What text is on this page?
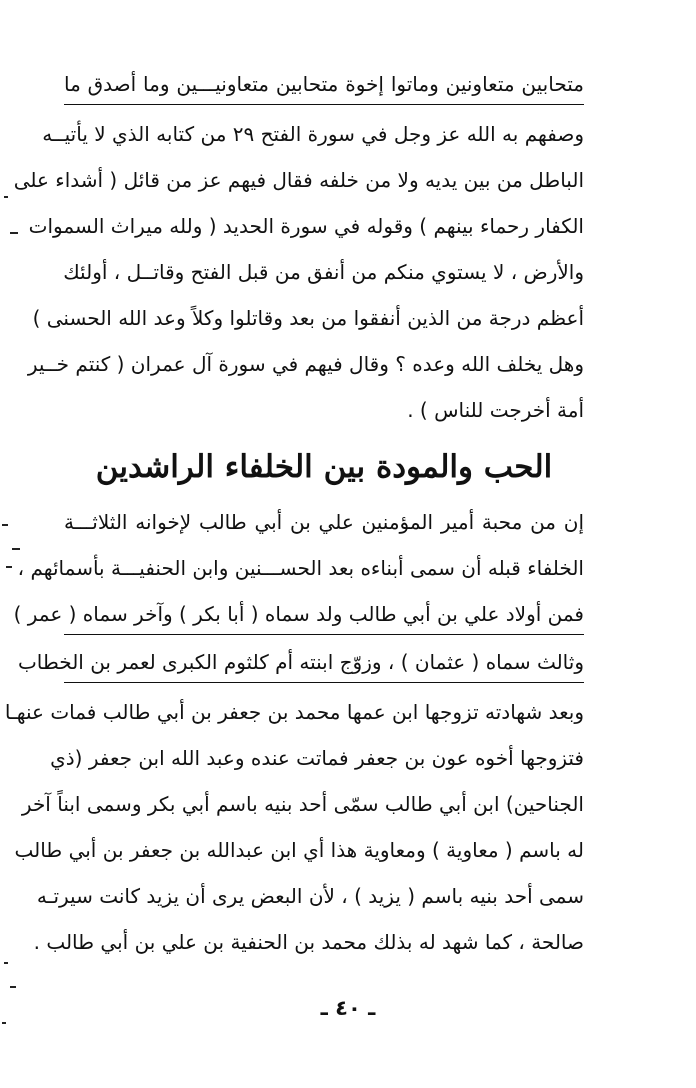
متحابين متعاونين وماتوا إخوة متحابين متعاونيـــين وما أصدق ما
وصفهم به الله عز وجل في سورة الفتح ٢٩ من كتابه الذي لا يأتيــه
الباطل من بين يديه ولا من خلفه فقال فيهم عز من قائل ( أشداء على
الكفار رحماء بينهم ) وقوله في سورة الحديد ( ولله ميراث السموات
والأرض ، لا يستوي منكم من أنفق من قبل الفتح وقاتــل ، أولئك
أعظم درجة من الذين أنفقوا من بعد وقاتلوا وكلاً وعد الله الحسنى )
وهل يخلف الله وعده ؟ وقال فيهم في سورة آل عمران ( كنتم خــير
أمة أخرجت للناس ) .
الحب والمودة بين الخلفاء الراشدين
إن من محبة أمير المؤمنين علي بن أبي طالب لإخوانه الثلاثـــة
الخلفاء قبله أن سمى أبناءه بعد الحســـنين وابن الحنفيـــة بأسمائهم ،
فمن أولاد علي بن أبي طالب ولد سماه ( أبا بكر ) وآخر سماه ( عمر )
وثالث سماه ( عثمان ) ، وزوّج ابنته أم كلثوم الكبرى لعمر بن الخطاب
وبعد شهادته تزوجها ابن عمها محمد بن جعفر بن أبي طالب فمات عنهـا
فتزوجها أخوه عون بن جعفر فماتت عنده وعبد الله ابن جعفر (ذي
الجناحين) ابن أبي طالب سمّى أحد بنيه باسم أبي بكر وسمى ابناً آخر
له باسم ( معاوية ) ومعاوية هذا أي ابن عبدالله بن جعفر بن أبي طالب
سمى أحد بنيه باسم ( يزيد ) ، لأن البعض يرى أن يزيد كانت سيرتـه
صالحة ، كما شهد له بذلك محمد بن الحنفية بن علي بن أبي طالب .
ـ ٤٠ ـ
